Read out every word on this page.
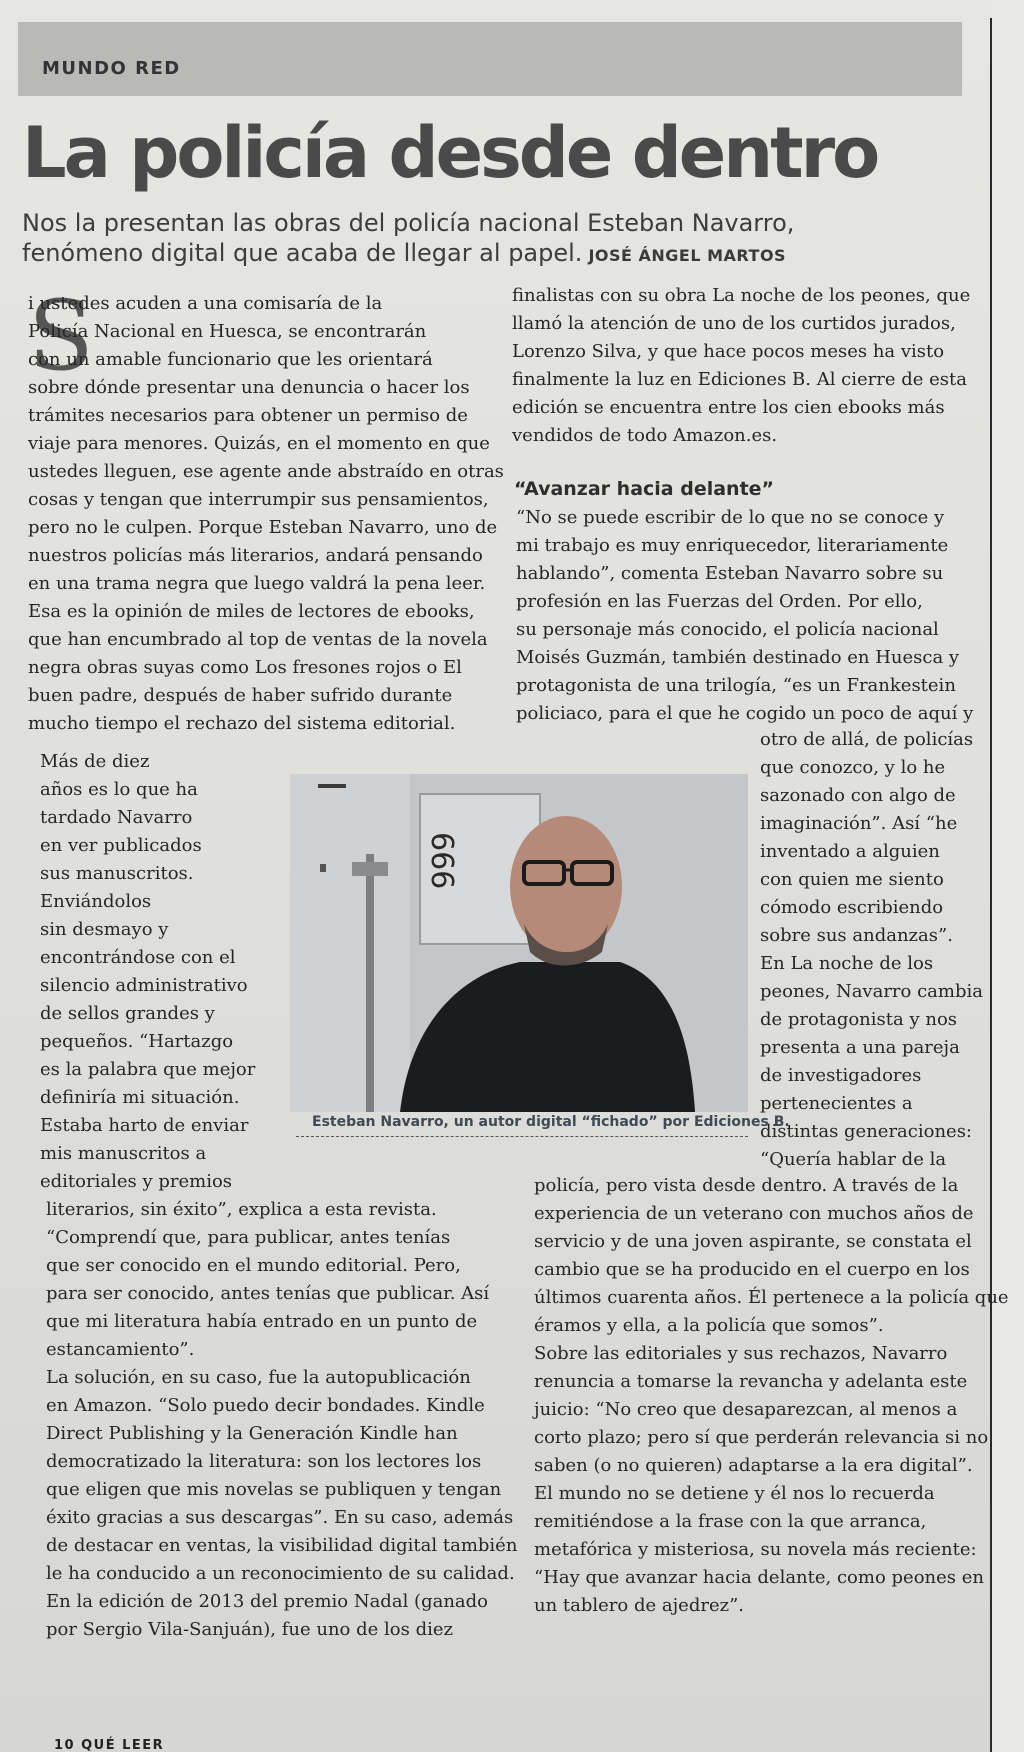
MUNDO RED
La policía desde dentro
Nos la presentan las obras del policía nacional Esteban Navarro,
fenómeno digital que acaba de llegar al papel. JOSÉ ÁNGEL MARTOS
S
i ustedes acuden a una comisaría de la
Policía Nacional en Huesca, se encontrarán
con un amable funcionario que les orientará
sobre dónde presentar una denuncia o hacer los
trámites necesarios para obtener un permiso de
viaje para menores. Quizás, en el momento en que
ustedes lleguen, ese agente ande abstraído en otras
cosas y tengan que interrumpir sus pensamientos,
pero no le culpen. Porque Esteban Navarro, uno de
nuestros policías más literarios, andará pensando
en una trama negra que luego valdrá la pena leer.
Esa es la opinión de miles de lectores de ebooks,
que han encumbrado al top de ventas de la novela
negra obras suyas como Los fresones rojos o El
buen padre, después de haber sufrido durante
mucho tiempo el rechazo del sistema editorial.
Más de diez
años es lo que ha
tardado Navarro
en ver publicados
sus manuscritos.
Enviándolos
sin desmayo y
encontrándose con el
silencio administrativo
de sellos grandes y
pequeños. “Hartazgo
es la palabra que mejor
definiría mi situación.
Estaba harto de enviar
mis manuscritos a
editoriales y premios
literarios, sin éxito”, explica a esta revista.
“Comprendí que, para publicar, antes tenías
que ser conocido en el mundo editorial. Pero,
para ser conocido, antes tenías que publicar. Así
que mi literatura había entrado en un punto de
estancamiento”.
La solución, en su caso, fue la autopublicación
en Amazon. “Solo puedo decir bondades. Kindle
Direct Publishing y la Generación Kindle han
democratizado la literatura: son los lectores los
que eligen que mis novelas se publiquen y tengan
éxito gracias a sus descargas”. En su caso, además
de destacar en ventas, la visibilidad digital también
le ha conducido a un reconocimiento de su calidad.
En la edición de 2013 del premio Nadal (ganado
por Sergio Vila-Sanjuán), fue uno de los diez
finalistas con su obra La noche de los peones, que
llamó la atención de uno de los curtidos jurados,
Lorenzo Silva, y que hace pocos meses ha visto
finalmente la luz en Ediciones B. Al cierre de esta
edición se encuentra entre los cien ebooks más
vendidos de todo Amazon.es.
“Avanzar hacia delante”
“No se puede escribir de lo que no se conoce y
mi trabajo es muy enriquecedor, literariamente
hablando”, comenta Esteban Navarro sobre su
profesión en las Fuerzas del Orden. Por ello,
su personaje más conocido, el policía nacional
Moisés Guzmán, también destinado en Huesca y
protagonista de una trilogía, “es un Frankestein
policiaco, para el que he cogido un poco de aquí y
otro de allá, de policías
que conozco, y lo he
sazonado con algo de
imaginación”. Así “he
inventado a alguien
con quien me siento
cómodo escribiendo
sobre sus andanzas”.
En La noche de los
peones, Navarro cambia
de protagonista y nos
presenta a una pareja
de investigadores
pertenecientes a
distintas generaciones:
“Quería hablar de la
policía, pero vista desde dentro. A través de la
experiencia de un veterano con muchos años de
servicio y de una joven aspirante, se constata el
cambio que se ha producido en el cuerpo en los
últimos cuarenta años. Él pertenece a la policía que
éramos y ella, a la policía que somos”.
Sobre las editoriales y sus rechazos, Navarro
renuncia a tomarse la revancha y adelanta este
juicio: “No creo que desaparezcan, al menos a
corto plazo; pero sí que perderán relevancia si no
saben (o no quieren) adaptarse a la era digital”.
El mundo no se detiene y él nos lo recuerda
remitiéndose a la frase con la que arranca,
metafórica y misteriosa, su novela más reciente:
“Hay que avanzar hacia delante, como peones en
un tablero de ajedrez”.
666
Esteban Navarro, un autor digital “fichado” por Ediciones B.
10 QUÉ LEER
